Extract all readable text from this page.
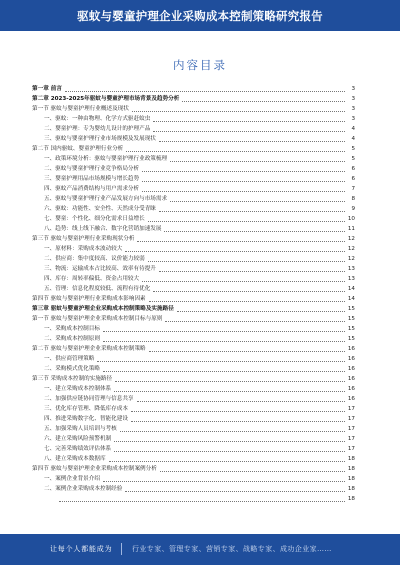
驱蚊与婴童护理企业采购成本控制策略研究报告
内容目录
第一章 前言	3
第二章 2023-2025年驱蚊与婴童护理市场背景及趋势分析	3
第一节 驱蚊与婴童护理行业概述及现状	3
一、驱蚊：一种由物理、化学方式驱赶蚊虫	3
二、婴童护理：专为婴幼儿设计的护理产品	4
三、驱蚊与婴童护理行业市场规模及发展现状	4
第二节 国内驱蚊、婴童护理行业分析	5
一、政策环境分析：驱蚊与婴童护理行业政策梳理	5
二、驱蚊与婴童护理行业竞争格局分析	6
三、婴童护理用品市场规模与增长趋势	6
四、驱蚊产品消费结构与用户需求分析	7
五、驱蚊与婴童护理行业产品发展方向与市场需求	8
六、驱蚊：功能性、安全性、天然成分受青睐	9
七、婴童：个性化、细分化需求日益增长	10
八、趋势：线上线下融合、数字化营销加速发展	11
第三节 驱蚊与婴童护理行业采购现状分析	12
一、原材料：采购成本波动较大	12
二、供应商：集中度较高、议价能力较弱	12
三、物流：运输成本占比较高、效率有待提升	13
四、库存：周转率偏低、资金占用较大	13
五、管理：信息化程度较低、流程有待优化	14
第四节 驱蚊与婴童护理行业采购成本影响因素	14
第三章 驱蚊与婴童护理企业采购成本控制策略及实施路径	15
第一节 驱蚊与婴童护理企业采购成本控制目标与原则	15
一、采购成本控制目标	15
二、采购成本控制原则	15
第二节 驱蚊与婴童护理企业采购成本控制策略	16
一、供应商管理策略	16
二、采购模式优化策略	16
第三节 采购成本控制的实施路径	16
一、建立采购成本控制体系	16
二、加强供应链协同管理与信息共享	16
三、优化库存管理、降低库存成本	17
四、推进采购数字化、智能化建设	17
五、加强采购人员培训与考核	17
六、建立采购风险预警机制	17
七、完善采购绩效评估体系	17
八、建立采购成本数据库	18
第四节 驱蚊与婴童护理企业采购成本控制案例分析	18
一、案例企业背景介绍	18
二、案例企业采购成本控制经验	18
18
让每个人都能成为	行业专家、管理专家、营销专家、战略专家、成功企业家……
